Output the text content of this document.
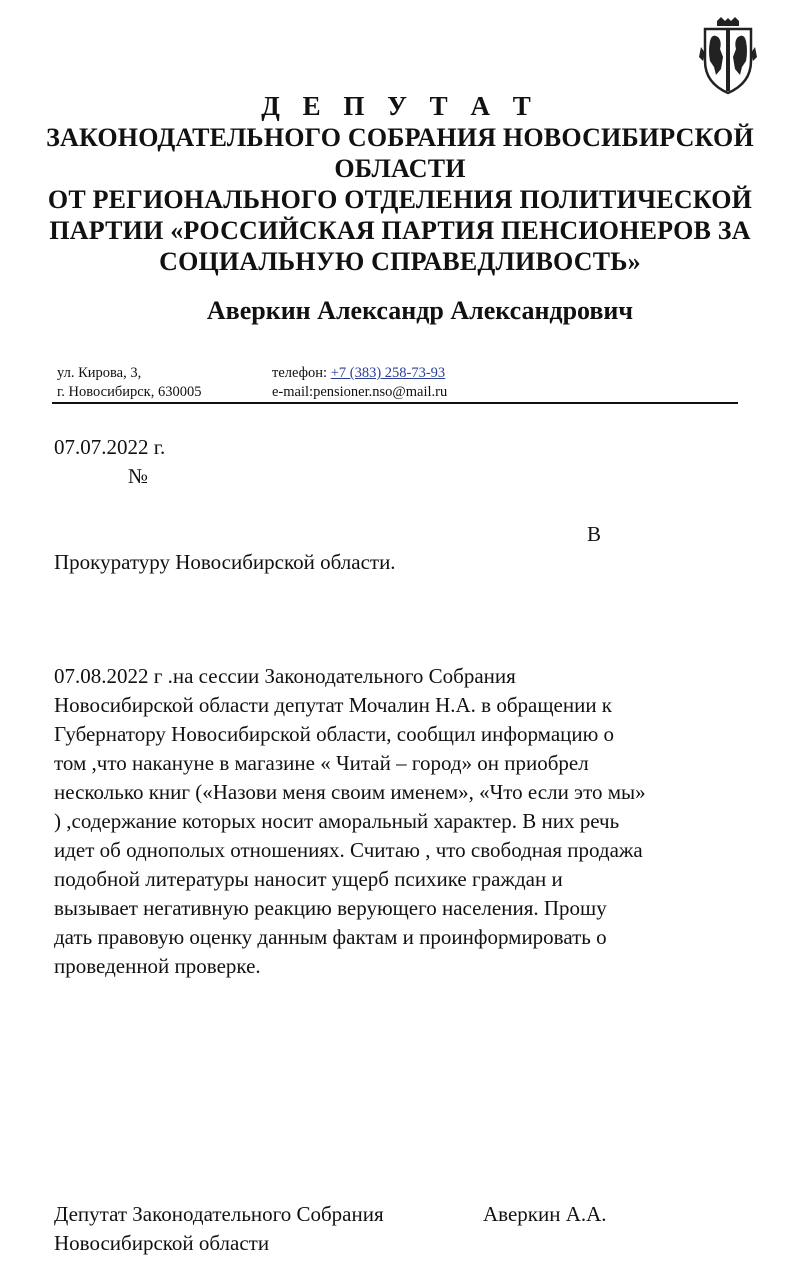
Д Е П У Т А Т
ЗАКОНОДАТЕЛЬНОГО СОБРАНИЯ НОВОСИБИРСКОЙ
ОБЛАСТИ
ОТ РЕГИОНАЛЬНОГО ОТДЕЛЕНИЯ ПОЛИТИЧЕСКОЙ
ПАРТИИ «РОССИЙСКАЯ ПАРТИЯ ПЕНСИОНЕРОВ ЗА
СОЦИАЛЬНУЮ СПРАВЕДЛИВОСТЬ»
Аверкин Александр Александрович
ул. Кирова, 3,
г. Новосибирск, 630005
телефон: +7 (383) 258-73-93
e-mail:pensioner.nso@mail.ru
07.07.2022 г.
№
В
Прокуратуру Новосибирской области.
07.08.2022 г .на сессии Законодательного Собрания
Новосибирской области депутат Мочалин Н.А. в обращении к
Губернатору Новосибирской области, сообщил информацию о
том ,что накануне в магазине « Читай – город» он приобрел
несколько книг («Назови меня своим именем», «Что если это мы»
) ,содержание которых носит аморальный характер. В них речь
идет об однополых отношениях. Считаю , что свободная продажа
подобной литературы наносит ущерб психике граждан и
вызывает негативную реакцию верующего населения. Прошу
дать правовую оценку данным фактам и проинформировать о
проведенной проверке.
Депутат Законодательного Собрания
Новосибирской области
Аверкин А.А.
